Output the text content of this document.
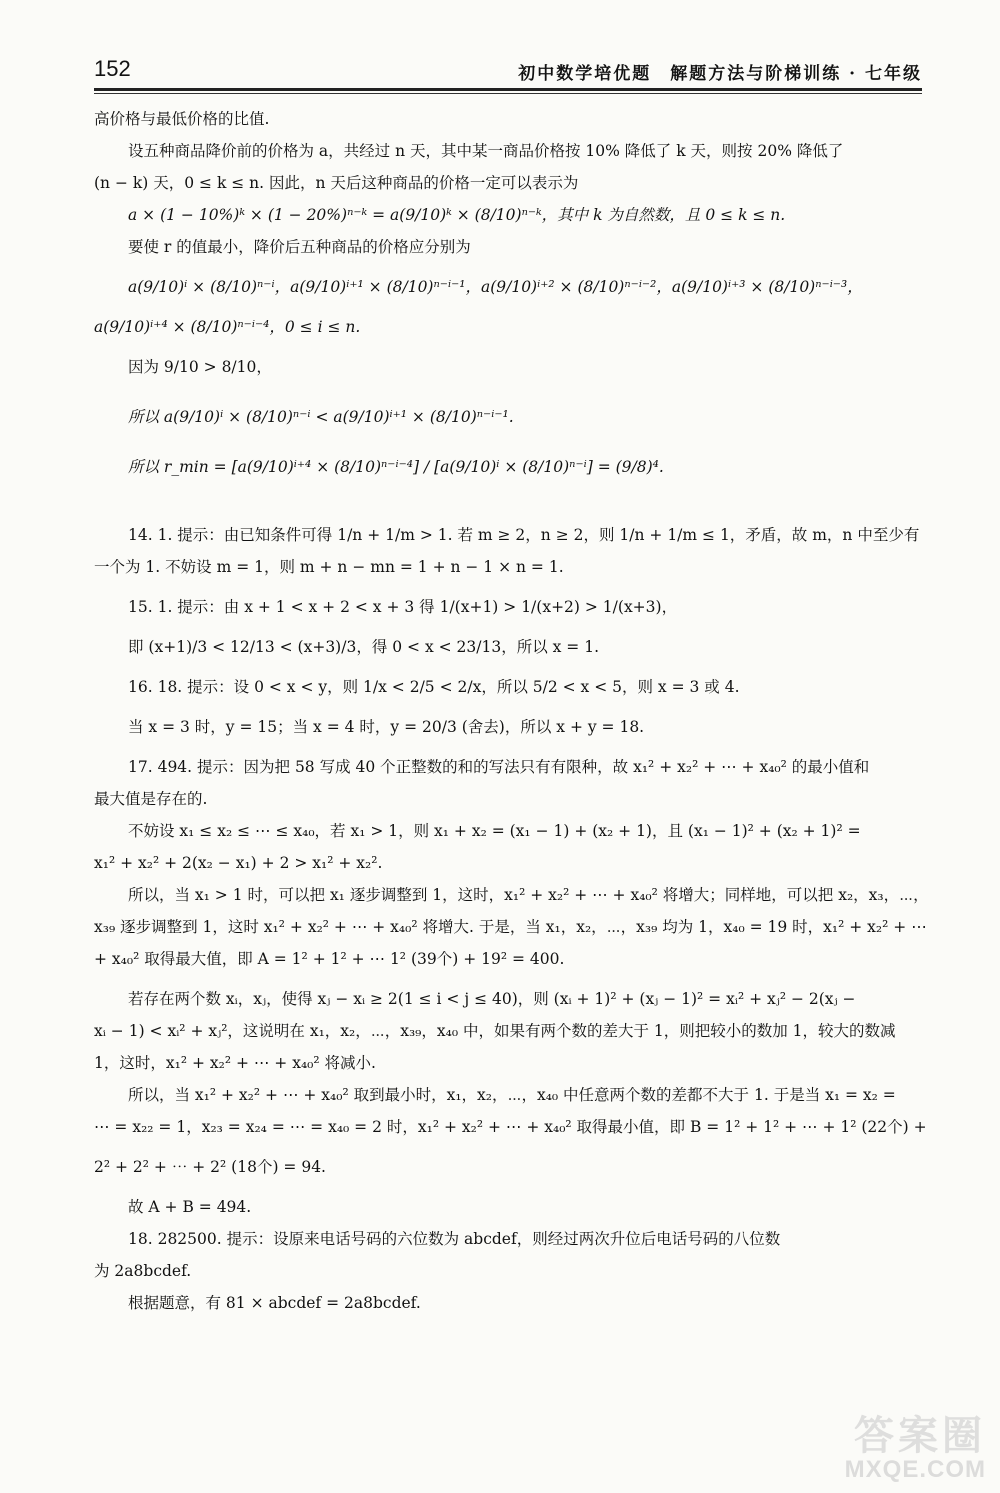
152	初中数学培优题　解题方法与阶梯训练 · 七年级

高价格与最低价格的比值.

设五种商品降价前的价格为 a，共经过 n 天，其中某一商品价格按 10% 降低了 k 天，则按 20% 降低了

(n − k) 天，0 ≤ k ≤ n. 因此，n 天后这种商品的价格一定可以表示为

a × (1 − 10%)ᵏ × (1 − 20%)ⁿ⁻ᵏ = a(9/10)ᵏ × (8/10)ⁿ⁻ᵏ，其中 k 为自然数，且 0 ≤ k ≤ n.

要使 r 的值最小，降价后五种商品的价格应分别为

a(9/10)ⁱ × (8/10)ⁿ⁻ⁱ，a(9/10)ⁱ⁺¹ × (8/10)ⁿ⁻ⁱ⁻¹，a(9/10)ⁱ⁺² × (8/10)ⁿ⁻ⁱ⁻²，a(9/10)ⁱ⁺³ × (8/10)ⁿ⁻ⁱ⁻³，

a(9/10)ⁱ⁺⁴ × (8/10)ⁿ⁻ⁱ⁻⁴，0 ≤ i ≤ n.

因为 9/10 > 8/10，

所以 a(9/10)ⁱ × (8/10)ⁿ⁻ⁱ < a(9/10)ⁱ⁺¹ × (8/10)ⁿ⁻ⁱ⁻¹.

所以 r_min = [a(9/10)ⁱ⁺⁴ × (8/10)ⁿ⁻ⁱ⁻⁴] / [a(9/10)ⁱ × (8/10)ⁿ⁻ⁱ] = (9/8)⁴.

14. 1. 提示：由已知条件可得 1/n + 1/m > 1. 若 m ≥ 2，n ≥ 2，则 1/n + 1/m ≤ 1，矛盾，故 m，n 中至少有

一个为 1. 不妨设 m = 1，则 m + n − mn = 1 + n − 1 × n = 1.

15. 1. 提示：由 x + 1 < x + 2 < x + 3 得 1/(x+1) > 1/(x+2) > 1/(x+3)，

即 (x+1)/3 < 12/13 < (x+3)/3，得 0 < x < 23/13，所以 x = 1.

16. 18. 提示：设 0 < x < y，则 1/x < 2/5 < 2/x，所以 5/2 < x < 5，则 x = 3 或 4.

当 x = 3 时，y = 15；当 x = 4 时，y = 20/3 (舍去)，所以 x + y = 18.

17. 494. 提示：因为把 58 写成 40 个正整数的和的写法只有有限种，故 x₁² + x₂² + ⋯ + x₄₀² 的最小值和

最大值是存在的.

不妨设 x₁ ≤ x₂ ≤ ⋯ ≤ x₄₀，若 x₁ > 1，则 x₁ + x₂ = (x₁ − 1) + (x₂ + 1)，且 (x₁ − 1)² + (x₂ + 1)² =

x₁² + x₂² + 2(x₂ − x₁) + 2 > x₁² + x₂².

所以，当 x₁ > 1 时，可以把 x₁ 逐步调整到 1，这时，x₁² + x₂² + ⋯ + x₄₀² 将增大；同样地，可以把 x₂，x₃，⋯，

x₃₉ 逐步调整到 1，这时 x₁² + x₂² + ⋯ + x₄₀² 将增大. 于是，当 x₁，x₂，⋯，x₃₉ 均为 1，x₄₀ = 19 时，x₁² + x₂² + ⋯

+ x₄₀² 取得最大值，即 A = 1² + 1² + ⋯ 1² (39个) + 19² = 400.

若存在两个数 xᵢ，xⱼ，使得 xⱼ − xᵢ ≥ 2(1 ≤ i < j ≤ 40)，则 (xᵢ + 1)² + (xⱼ − 1)² = xᵢ² + xⱼ² − 2(xⱼ −

xᵢ − 1) < xᵢ² + xⱼ²，这说明在 x₁，x₂，⋯，x₃₉，x₄₀ 中，如果有两个数的差大于 1，则把较小的数加 1，较大的数减

1，这时，x₁² + x₂² + ⋯ + x₄₀² 将减小.

所以，当 x₁² + x₂² + ⋯ + x₄₀² 取到最小时，x₁，x₂，⋯，x₄₀ 中任意两个数的差都不大于 1. 于是当 x₁ = x₂ =

⋯ = x₂₂ = 1，x₂₃ = x₂₄ = ⋯ = x₄₀ = 2 时，x₁² + x₂² + ⋯ + x₄₀² 取得最小值，即 B = 1² + 1² + ⋯ + 1² (22个) +

2² + 2² + ⋯ + 2² (18个) = 94.

故 A + B = 494.

18. 282500. 提示：设原来电话号码的六位数为 abcdef，则经过两次升位后电话号码的八位数

为 2a8bcdef.

根据题意，有 81 × abcdef = 2a8bcdef.

答案圈
MXQE.COM
